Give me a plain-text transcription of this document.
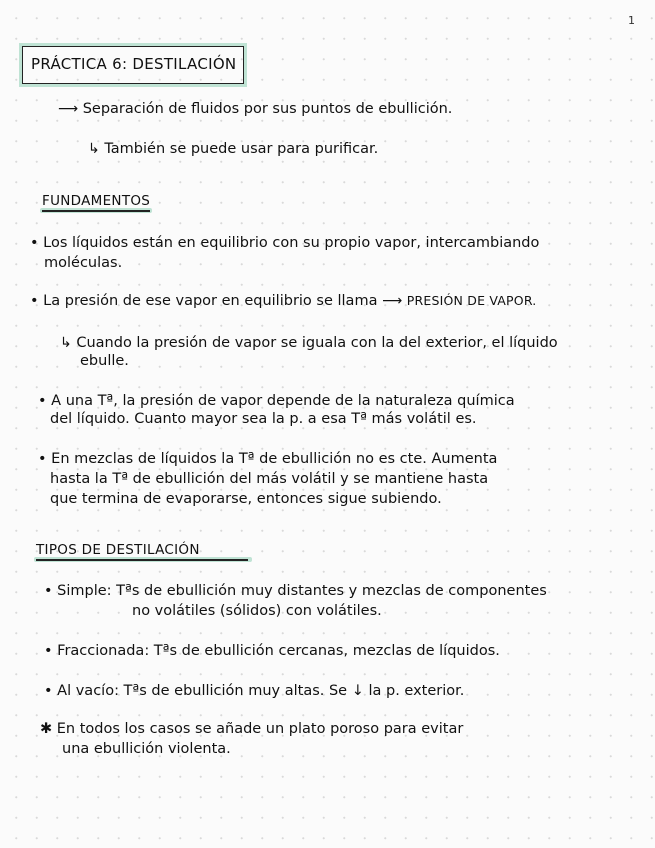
1
PRÁCTICA 6: DESTILACIÓN
⟶ Separación de fluidos por sus puntos de ebullición.
↳ También se puede usar para purificar.
FUNDAMENTOS
• Los líquidos están en equilibrio con su propio vapor, intercambiando
moléculas.
• La presión de ese vapor en equilibrio se llama ⟶ PRESIÓN DE VAPOR.
↳ Cuando la presión de vapor se iguala con la del exterior, el líquido
ebulle.
• A una Tª, la presión de vapor depende de la naturaleza química
del líquido. Cuanto mayor sea la p. a esa Tª más volátil es.
• En mezclas de líquidos la Tª de ebullición no es cte. Aumenta
hasta la Tª de ebullición del más volátil y se mantiene hasta
que termina de evaporarse, entonces sigue subiendo.
TIPOS DE DESTILACIÓN
• Simple: Tªs de ebullición muy distantes y mezclas de componentes
no volátiles (sólidos) con volátiles.
• Fraccionada: Tªs de ebullición cercanas, mezclas de líquidos.
• Al vacío: Tªs de ebullición muy altas. Se ↓ la p. exterior.
✱ En todos los casos se añade un plato poroso para evitar
una ebullición violenta.
